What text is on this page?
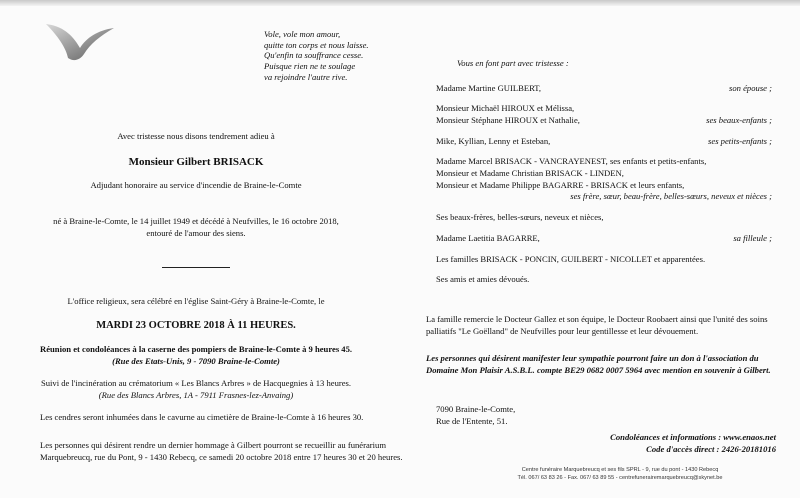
Vole, vole mon amour,
quitte ton corps et nous laisse.
Qu'enfin ta souffrance cesse.
Puisque rien ne te soulage
va rejoindre l'autre rive.
Avec tristesse nous disons tendrement adieu à
Monsieur Gilbert BRISACK
Adjudant honoraire au service d'incendie de Braine-le-Comte
né à Braine-le-Comte, le 14 juillet 1949 et décédé à Neufvilles, le 16 octobre 2018,
entouré de l'amour des siens.
L'office religieux, sera célébré en l'église Saint-Géry à Braine-le-Comte, le
MARDI 23 OCTOBRE 2018 À 11 HEURES.
Réunion et condoléances à la caserne des pompiers de Braine-le-Comte à 9 heures 45.
(Rue des Etats-Unis, 9 - 7090 Braine-le-Comte)
Suivi de l'incinération au crématorium « Les Blancs Arbres » de Hacquegnies à 13 heures.
(Rue des Blancs Arbres, 1A - 7911 Frasnes-lez-Anvaing)
Les cendres seront inhumées dans le cavurne au cimetière de Braine-le-Comte à 16 heures 30.
Les personnes qui désirent rendre un dernier hommage à Gilbert pourront se recueillir au funérarium
Marquebreucq, rue du Pont, 9 - 1430 Rebecq, ce samedi 20 octobre 2018 entre 17 heures 30 et 20 heures.
Vous en font part avec tristesse :
Madame Martine GUILBERT,	son épouse ;
Monsieur Michaël HIROUX et Mélissa,
Monsieur Stéphane HIROUX et Nathalie,	ses beaux-enfants ;
Mike, Kyllian, Lenny et Esteban,	ses petits-enfants ;
Madame Marcel BRISACK - VANCRAYENEST, ses enfants et petits-enfants,
Monsieur et Madame Christian BRISACK - LINDEN,
Monsieur et Madame Philippe BAGARRE - BRISACK et leurs enfants,
ses frère, sœur, beau-frère, belles-sœurs, neveux et nièces ;
Ses beaux-frères, belles-sœurs, neveux et nièces,
Madame Laetitia BAGARRE,	sa filleule ;
Les familles BRISACK - PONCIN, GUILBERT - NICOLLET et apparentées.
Ses amis et amies dévoués.
La famille remercie le Docteur Gallez et son équipe, le Docteur Roobaert ainsi que l'unité des soins
palliatifs "Le Goëlland" de Neufvilles pour leur gentillesse et leur dévouement.
Les personnes qui désirent manifester leur sympathie pourront faire un don à l'association du
Domaine Mon Plaisir A.S.B.L. compte BE29 0682 0007 5964 avec mention en souvenir à Gilbert.
7090 Braine-le-Comte,
Rue de l'Entente, 51.
Condoléances et informations : www.enaos.net
Code d'accès direct : 2426-20181016
Centre funéraire Marquebreucq et ses fils SPRL - 9, rue du pont - 1430 Rebecq
Tél. 067/ 63 83 26 - Fax. 067/ 63 89 55 - centrefunerairemarquebreucq@skynet.be
